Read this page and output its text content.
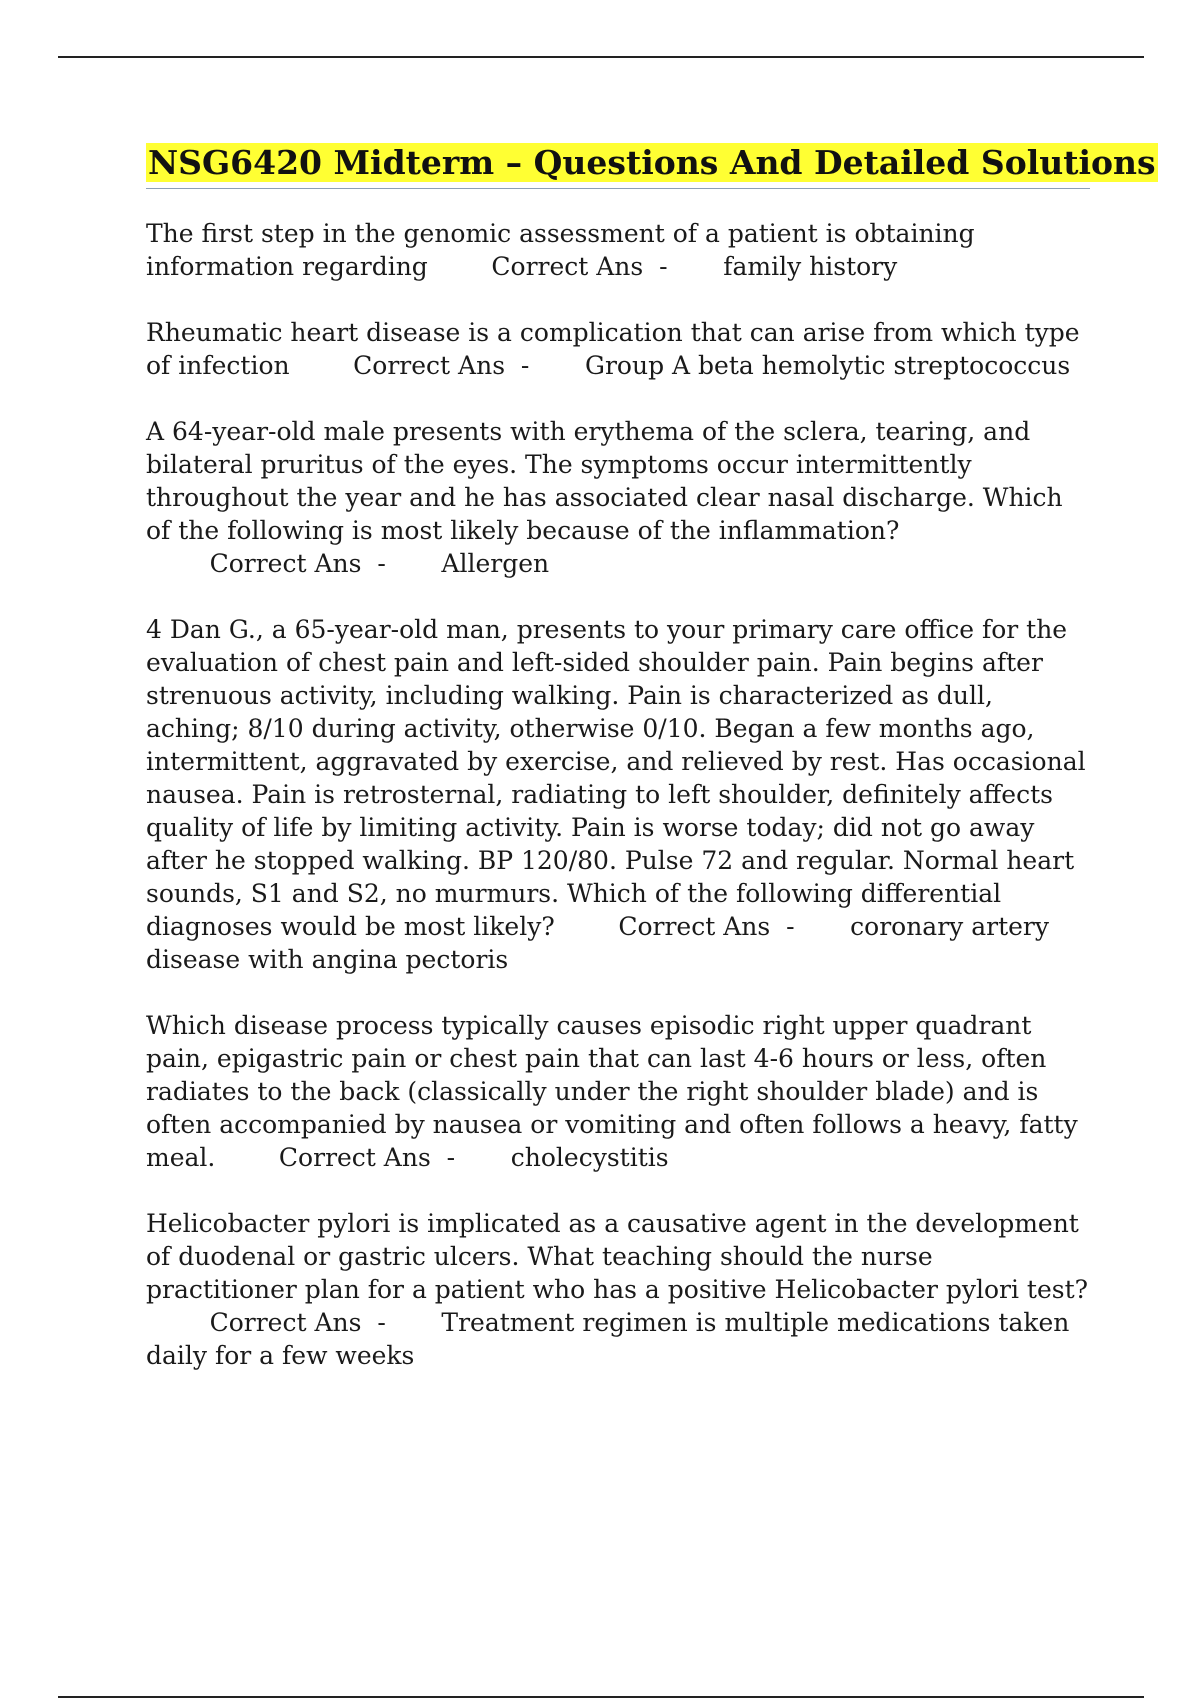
NSG6420 Midterm – Questions And Detailed Solutions

The first step in the genomic assessment of a patient is obtaining information regarding        Correct Ans  -       family history

Rheumatic heart disease is a complication that can arise from which type of infection        Correct Ans  -       Group A beta hemolytic streptococcus

A 64-year-old male presents with erythema of the sclera, tearing, and bilateral pruritus of the eyes. The symptoms occur intermittently throughout the year and he has associated clear nasal discharge. Which of the following is most likely because of the inflammation?        Correct Ans  -       Allergen

4 Dan G., a 65-year-old man, presents to your primary care office for the evaluation of chest pain and left-sided shoulder pain. Pain begins after strenuous activity, including walking. Pain is characterized as dull, aching; 8/10 during activity, otherwise 0/10. Began a few months ago, intermittent, aggravated by exercise, and relieved by rest. Has occasional nausea. Pain is retrosternal, radiating to left shoulder, definitely affects quality of life by limiting activity. Pain is worse today; did not go away after he stopped walking. BP 120/80. Pulse 72 and regular. Normal heart sounds, S1 and S2, no murmurs. Which of the following differential diagnoses would be most likely?        Correct Ans  -       coronary artery disease with angina pectoris

Which disease process typically causes episodic right upper quadrant pain, epigastric pain or chest pain that can last 4-6 hours or less, often radiates to the back (classically under the right shoulder blade) and is often accompanied by nausea or vomiting and often follows a heavy, fatty meal.        Correct Ans  -       cholecystitis

Helicobacter pylori is implicated as a causative agent in the development of duodenal or gastric ulcers. What teaching should the nurse practitioner plan for a patient who has a positive Helicobacter pylori test?        Correct Ans  -       Treatment regimen is multiple medications taken daily for a few weeks
